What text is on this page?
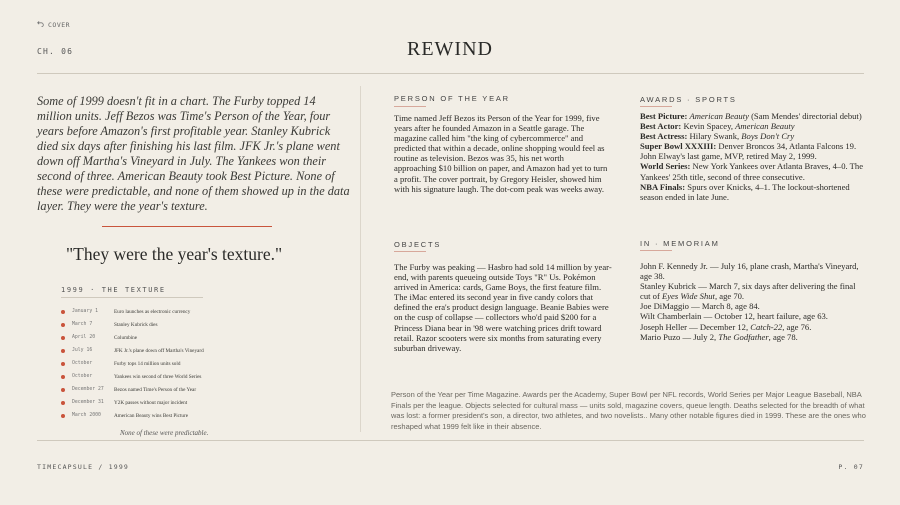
COVER
CH. 06	REWIND
Some of 1999 doesn't fit in a chart. The Furby topped 14 million units. Jeff Bezos was Time's Person of the Year, four years before Amazon's first profitable year. Stanley Kubrick died six days after finishing his last film. JFK Jr.'s plane went down off Martha's Vineyard in July. The Yankees won their second of three. American Beauty took Best Picture. None of these were predictable, and none of them showed up in the data layer. They were the year's texture.
"They were the year's texture."
1999 · THE TEXTURE
January 1	Euro launches as electronic currency
March 7	Stanley Kubrick dies
April 20	Columbine
July 16	JFK Jr.'s plane down off Martha's Vineyard
October	Furby tops 14 million units sold
October	Yankees win second of three World Series
December 27	Bezos named Time's Person of the Year
December 31	Y2K passes without major incident
March 2000	American Beauty wins Best Picture
None of these were predictable.
PERSON OF THE YEAR
Time named Jeff Bezos its Person of the Year for 1999, five years after he founded Amazon in a Seattle garage. The magazine called him "the king of cybercommerce" and predicted that within a decade, online shopping would feel as routine as television. Bezos was 35, his net worth approaching $10 billion on paper, and Amazon had yet to turn a profit. The cover portrait, by Gregory Heisler, showed him with his signature laugh. The dot-com peak was weeks away.
OBJECTS
The Furby was peaking — Hasbro had sold 14 million by year-end, with parents queueing outside Toys "R" Us. Pokémon arrived in America: cards, Game Boys, the first feature film. The iMac entered its second year in five candy colors that defined the era's product design language. Beanie Babies were on the cusp of collapse — collectors who'd paid $200 for a Princess Diana bear in '98 were watching prices drift toward retail. Razor scooters were six months from saturating every suburban driveway.
AWARDS · SPORTS
Best Picture: American Beauty (Sam Mendes' directorial debut)
Best Actor: Kevin Spacey, American Beauty
Best Actress: Hilary Swank, Boys Don't Cry
Super Bowl XXXIII: Denver Broncos 34, Atlanta Falcons 19. John Elway's last game, MVP, retired May 2, 1999.
World Series: New York Yankees over Atlanta Braves, 4–0. The Yankees' 25th title, second of three consecutive.
NBA Finals: Spurs over Knicks, 4–1. The lockout-shortened season ended in late June.
IN · MEMORIAM
John F. Kennedy Jr. — July 16, plane crash, Martha's Vineyard, age 38.
Stanley Kubrick — March 7, six days after delivering the final cut of Eyes Wide Shut, age 70.
Joe DiMaggio — March 8, age 84.
Wilt Chamberlain — October 12, heart failure, age 63.
Joseph Heller — December 12, Catch-22, age 76.
Mario Puzo — July 2, The Godfather, age 78.
Person of the Year per Time Magazine. Awards per the Academy, Super Bowl per NFL records, World Series per Major League Baseball, NBA Finals per the league. Objects selected for cultural mass — units sold, magazine covers, queue length. Deaths selected for the breadth of what was lost: a former president's son, a director, two athletes, and two novelists.. Many other notable figures died in 1999. These are the ones who reshaped what 1999 felt like in their absence.
TIMECAPSULE / 1999	P. 07
